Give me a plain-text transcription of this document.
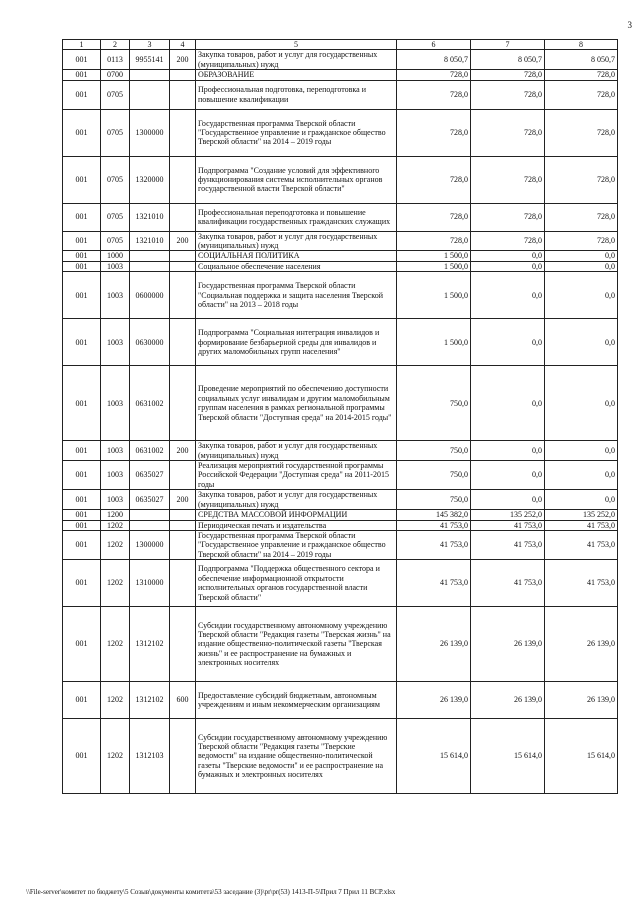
3
1	2	3	4	5	6	7	8
001	0113	9955141	200	Закупка товаров, работ и услуг для государственных (муниципальных) нужд	8 050,7	8 050,7	8 050,7
001	0700			ОБРАЗОВАНИЕ	728,0	728,0	728,0
001	0705			Профессиональная подготовка, переподготовка и повышение квалификации	728,0	728,0	728,0
001	0705	1300000		Государственная программа Тверской области "Государственное управление и гражданское общество Тверской области" на 2014 – 2019 годы	728,0	728,0	728,0
001	0705	1320000		Подпрограмма "Создание условий для эффективного функционирования системы исполнительных органов государственной власти Тверской области"	728,0	728,0	728,0
001	0705	1321010		Профессиональная переподготовка и повышение квалификации государственных гражданских служащих	728,0	728,0	728,0
001	0705	1321010	200	Закупка товаров, работ и услуг для государственных (муниципальных) нужд	728,0	728,0	728,0
001	1000			СОЦИАЛЬНАЯ ПОЛИТИКА	1 500,0	0,0	0,0
001	1003			Социальное обеспечение населения	1 500,0	0,0	0,0
001	1003	0600000		Государственная программа Тверской области "Социальная поддержка и защита населения Тверской области" на 2013 – 2018 годы	1 500,0	0,0	0,0
001	1003	0630000		Подпрограмма "Социальная интеграция инвалидов и формирование безбарьерной среды для инвалидов и других маломобильных групп населения"	1 500,0	0,0	0,0
001	1003	0631002		Проведение мероприятий по обеспечению доступности социальных услуг инвалидам и другим маломобильным группам населения в рамках региональной программы Тверской области "Доступная среда" на 2014-2015 годы"	750,0	0,0	0,0
001	1003	0631002	200	Закупка товаров, работ и услуг для государственных (муниципальных) нужд	750,0	0,0	0,0
001	1003	0635027		Реализация мероприятий государственной программы Российской Федерации "Доступная среда" на 2011-2015 годы	750,0	0,0	0,0
001	1003	0635027	200	Закупка товаров, работ и услуг для государственных (муниципальных) нужд	750,0	0,0	0,0
001	1200			СРЕДСТВА МАССОВОЙ ИНФОРМАЦИИ	145 382,0	135 252,0	135 252,0
001	1202			Периодическая печать и издательства	41 753,0	41 753,0	41 753,0
001	1202	1300000		Государственная программа Тверской области "Государственное управление и гражданское общество Тверской области" на 2014 – 2019 годы	41 753,0	41 753,0	41 753,0
001	1202	1310000		Подпрограмма "Поддержка общественного сектора и обеспечение информационной открытости исполнительных органов государственной власти Тверской области"	41 753,0	41 753,0	41 753,0
001	1202	1312102		Субсидии государственному автономному учреждению Тверской области "Редакция газеты "Тверская жизнь" на издание общественно-политической газеты "Тверская жизнь" и ее распространение на бумажных и электронных носителях	26 139,0	26 139,0	26 139,0
001	1202	1312102	600	Предоставление субсидий бюджетным, автономным учреждениям и иным некоммерческим организациям	26 139,0	26 139,0	26 139,0
001	1202	1312103		Субсидии государственному автономному учреждению Тверской области "Редакция газеты "Тверские ведомости" на издание общественно-политической газеты "Тверские ведомости" и ее распространение на бумажных и электронных носителях	15 614,0	15 614,0	15 614,0
\\File-server\комитет по бюджету\5 Созыв\документы комитета\53 заседание (3)\pr\pr(53) 1413-П-5\Прил 7 Прил 11 ВСР.xlsx
